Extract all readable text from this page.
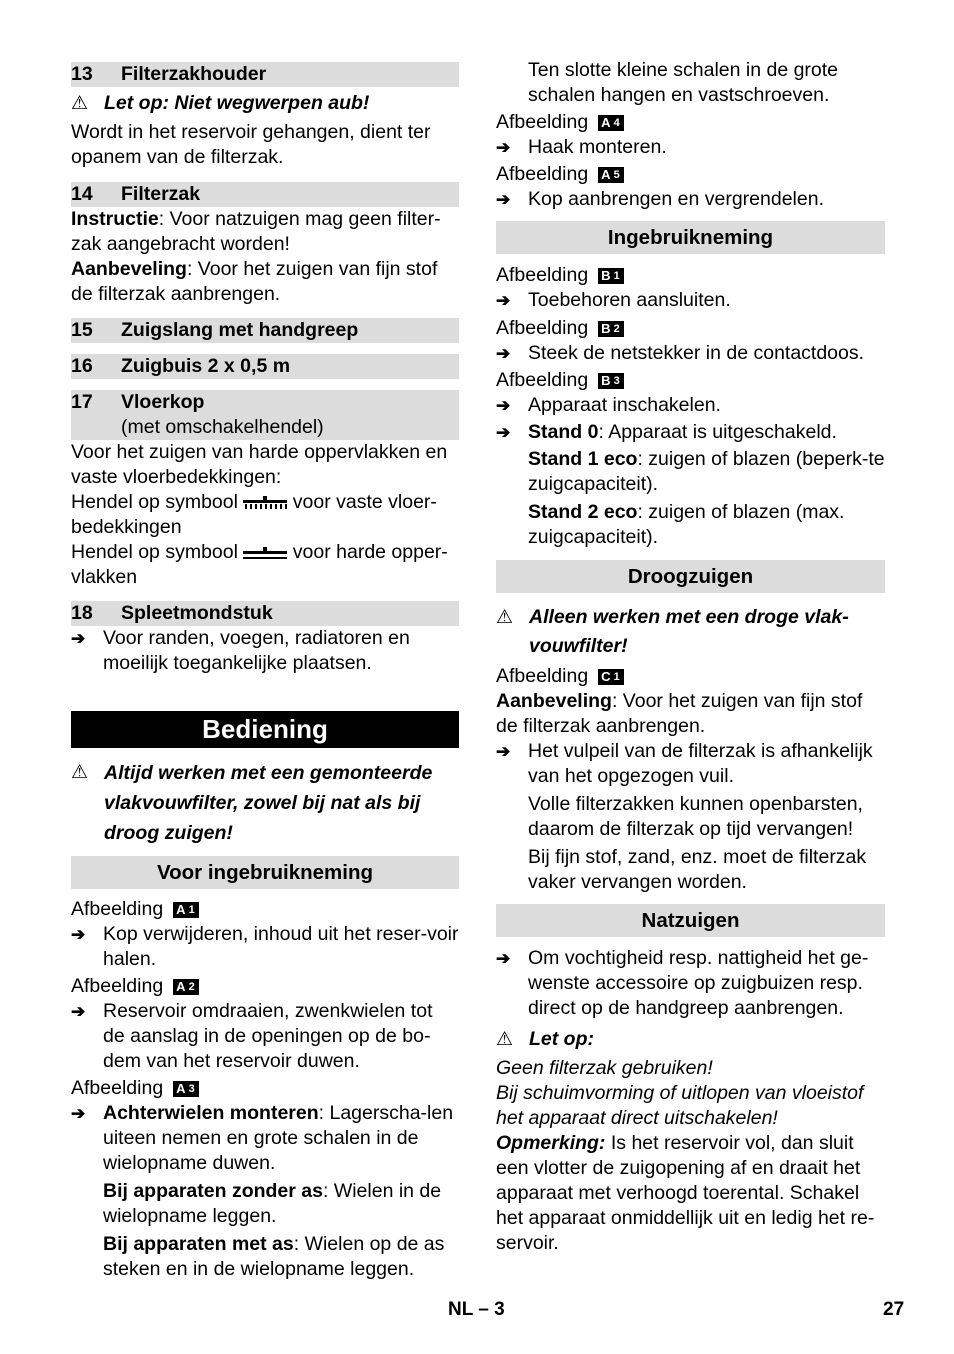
13	Filterzakhouder
⚠ Let op: Niet wegwerpen aub!

Wordt in het reservoir gehangen, dient ter opanem van de filterzak.

14	Filterzak

Instructie: Voor natzuigen mag geen filter-zak aangebracht worden!

Aanbeveling: Voor het zuigen van fijn stof de filterzak aanbrengen.

15	Zuigslang met handgreep
16	Zuigbuis 2 x 0,5 m
17	Vloerkop
(met omschakelhendel)

Voor het zuigen van harde oppervlakken en vaste vloerbedekkingen:

Hendel op symbool	voor vaste vloer-bedekkingen

Hendel op symbool	voor harde opper-vlakken

18	Spleetmondstuk
➔ Voor randen, voegen, radiatoren en moeilijk toegankelijke plaatsen.
Bediening
⚠ Altijd werken met een gemonteerde vlakvouwfilter, zowel bij nat als bij droog zuigen!
Voor ingebruikneming
Afbeelding A 1
➔ Kop verwijderen, inhoud uit het reser-voir halen.
Afbeelding A 2
➔ Reservoir omdraaien, zwenkwielen tot de aanslag in de openingen op de bo-dem van het reservoir duwen.
Afbeelding A 3
➔ Achterwielen monteren: Lagerscha-len uiteen nemen en grote schalen in de wielopname duwen.

Bij apparaten zonder as: Wielen in de wielopname leggen.

Bij apparaten met as: Wielen op de as steken en in de wielopname leggen.

Ten slotte kleine schalen in de grote schalen hangen en vastschroeven.

Afbeelding A 4
➔ Haak monteren.
Afbeelding A 5
➔ Kop aanbrengen en vergrendelen.
Ingebruikneming
Afbeelding B 1
➔ Toebehoren aansluiten.
Afbeelding B 2
➔ Steek de netstekker in de contactdoos.
Afbeelding B 3
➔ Apparaat inschakelen.
➔ Stand 0: Apparaat is uitgeschakeld.

Stand 1 eco: zuigen of blazen (beperk-te zuigcapaciteit).

Stand 2 eco: zuigen of blazen (max. zuigcapaciteit).

Droogzuigen
⚠ Alleen werken met een droge vlak-vouwfilter!
Afbeelding C 1

Aanbeveling: Voor het zuigen van fijn stof de filterzak aanbrengen.

➔ Het vulpeil van de filterzak is afhankelijk van het opgezogen vuil.

Volle filterzakken kunnen openbarsten, daarom de filterzak op tijd vervangen!

Bij fijn stof, zand, enz. moet de filterzak vaker vervangen worden.

Natzuigen
➔ Om vochtigheid resp. nattigheid het ge-wenste accessoire op zuigbuizen resp. direct op de handgreep aanbrengen.
⚠ Let op:

Geen filterzak gebruiken!

Bij schuimvorming of uitlopen van vloeistof het apparaat direct uitschakelen!

Opmerking: Is het reservoir vol, dan sluit een vlotter de zuigopening af en draait het apparaat met verhoogd toerental. Schakel het apparaat onmiddellijk uit en ledig het re-servoir.

NL – 3	27
